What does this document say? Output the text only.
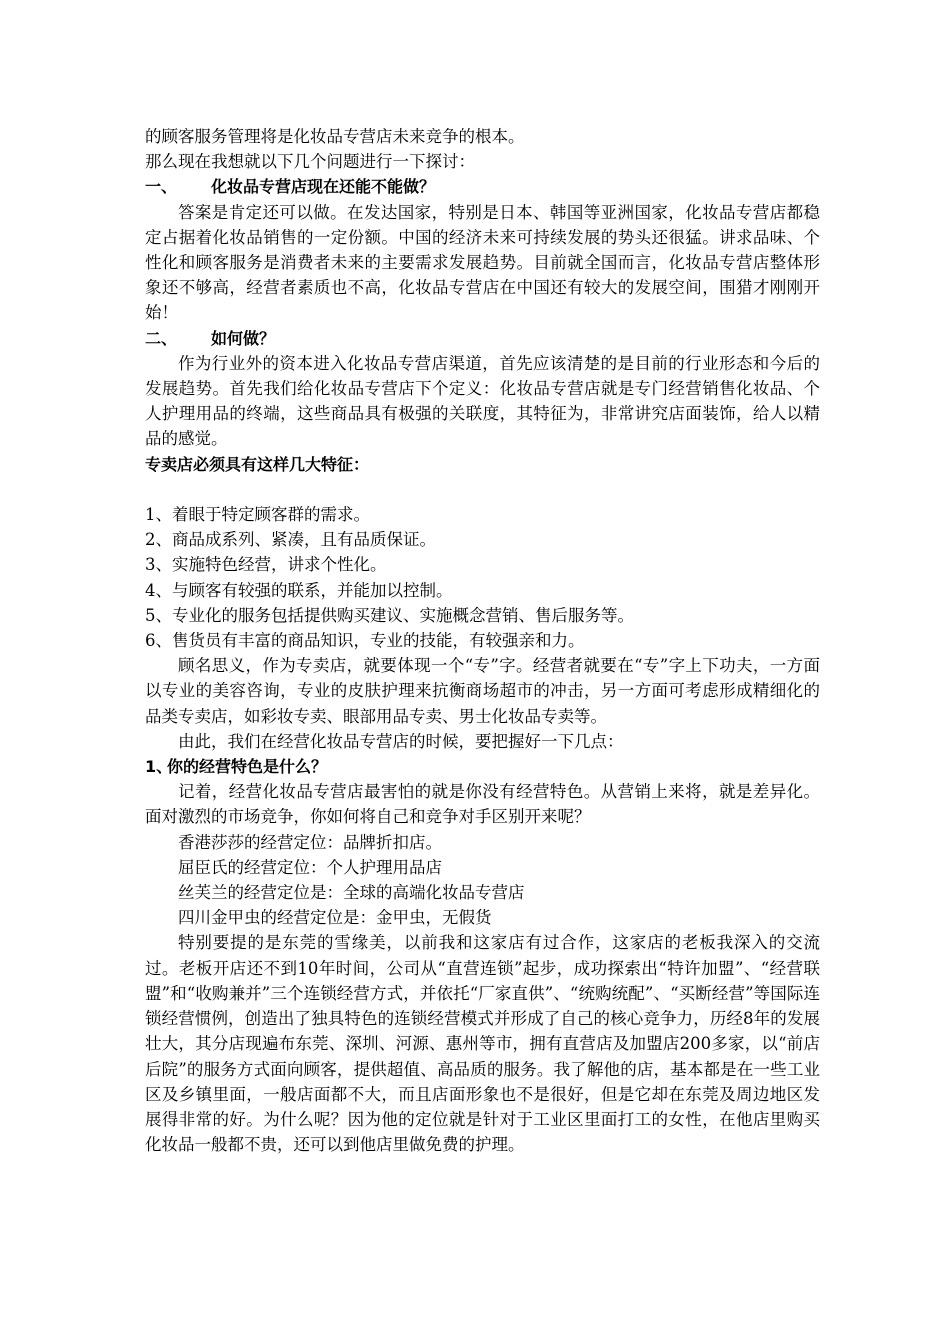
的顾客服务管理将是化妆品专营店未来竞争的根本。

那么现在我想就以下几个问题进行一下探讨：

一、 化妆品专营店现在还能不能做？

答案是肯定还可以做。在发达国家，特别是日本、韩国等亚洲国家，化妆品专营店都稳定占据着化妆品销售的一定份额。中国的经济未来可持续发展的势头还很猛。讲求品味、个性化和顾客服务是消费者未来的主要需求发展趋势。目前就全国而言，化妆品专营店整体形象还不够高，经营者素质也不高，化妆品专营店在中国还有较大的发展空间，围猎才刚刚开始！

二、 如何做？

作为行业外的资本进入化妆品专营店渠道，首先应该清楚的是目前的行业形态和今后的发展趋势。首先我们给化妆品专营店下个定义：化妆品专营店就是专门经营销售化妆品、个人护理用品的终端，这些商品具有极强的关联度，其特征为，非常讲究店面装饰，给人以精品的感觉。

专卖店必须具有这样几大特征：

1、着眼于特定顾客群的需求。

2、商品成系列、紧凑，且有品质保证。

3、实施特色经营，讲求个性化。

4、与顾客有较强的联系，并能加以控制。

5、专业化的服务包括提供购买建议、实施概念营销、售后服务等。

6、售货员有丰富的商品知识，专业的技能，有较强亲和力。

顾名思义，作为专卖店，就要体现一个“专”字。经营者就要在“专”字上下功夫，一方面以专业的美容咨询，专业的皮肤护理来抗衡商场超市的冲击，另一方面可考虑形成精细化的　品类专卖店，如彩妆专卖、眼部用品专卖、男士化妆品专卖等。

由此，我们在经营化妆品专营店的时候，要把握好一下几点：

1、你的经营特色是什么？

记着，经营化妆品专营店最害怕的就是你没有经营特色。从营销上来将，就是差异化。面对激烈的市场竞争，你如何将自己和竞争对手区别开来呢？

香港莎莎的经营定位：品牌折扣店。

屈臣氏的经营定位：个人护理用品店

丝芙兰的经营定位是：全球的高端化妆品专营店

四川金甲虫的经营定位是：金甲虫，无假货

特别要提的是东莞的雪缘美，以前我和这家店有过合作，这家店的老板我深入的交流过。老板开店还不到10年时间，公司从“直营连锁”起步，成功探索出“特许加盟”、“经营联盟”和“收购兼并”三个连锁经营方式，并依托“厂家直供”、“统购统配”、“买断经营”等国际连锁经营惯例，创造出了独具特色的连锁经营模式并形成了自己的核心竞争力，历经8年的发展壮大，其分店现遍布东莞、深圳、河源、惠州等市，拥有直营店及加盟店200多家，以“前店后院”的服务方式面向顾客，提供超值、高品质的服务。我了解他的店，基本都是在一些工业区及乡镇里面，一般店面都不大，而且店面形象也不是很好，但是它却在东莞及周边地区发展得非常的好。为什么呢？因为他的定位就是针对于工业区里面打工的女性，在他店里购买化妆品一般都不贵，还可以到他店里做免费的护理。
